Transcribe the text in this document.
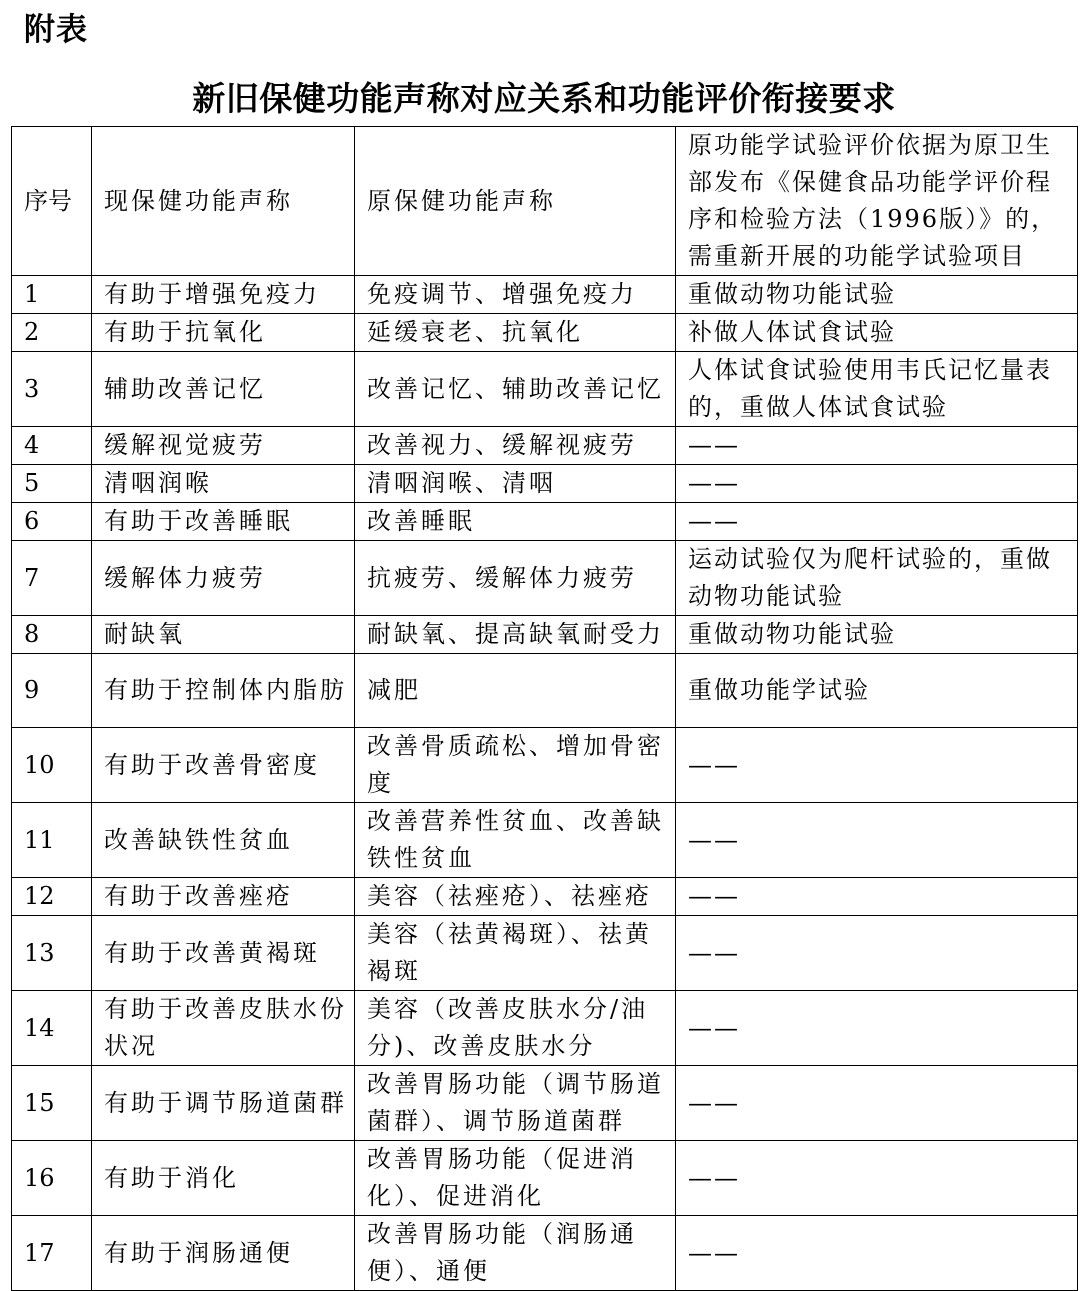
附表
新旧保健功能声称对应关系和功能评价衔接要求
序号	现保健功能声称	原保健功能声称	原功能学试验评价依据为原卫生部发布《保健食品功能学评价程序和检验方法（1996版）》的，需重新开展的功能学试验项目
1	有助于增强免疫力	免疫调节、增强免疫力	重做动物功能试验
2	有助于抗氧化	延缓衰老、抗氧化	补做人体试食试验
3	辅助改善记忆	改善记忆、辅助改善记忆	人体试食试验使用韦氏记忆量表的，重做人体试食试验
4	缓解视觉疲劳	改善视力、缓解视疲劳	——
5	清咽润喉	清咽润喉、清咽	——
6	有助于改善睡眠	改善睡眠	——
7	缓解体力疲劳	抗疲劳、缓解体力疲劳	运动试验仅为爬杆试验的，重做动物功能试验
8	耐缺氧	耐缺氧、提高缺氧耐受力	重做动物功能试验
9	有助于控制体内脂肪	减肥	重做功能学试验
10	有助于改善骨密度	改善骨质疏松、增加骨密度	——
11	改善缺铁性贫血	改善营养性贫血、改善缺铁性贫血	——
12	有助于改善痤疮	美容（祛痤疮）、祛痤疮	——
13	有助于改善黄褐斑	美容（祛黄褐斑）、祛黄褐斑	——
14	有助于改善皮肤水份状况	美容（改善皮肤水分/油分)、改善皮肤水分	——
15	有助于调节肠道菌群	改善胃肠功能（调节肠道菌群）、调节肠道菌群	——
16	有助于消化	改善胃肠功能（促进消化）、促进消化	——
17	有助于润肠通便	改善胃肠功能（润肠通便）、通便	——
